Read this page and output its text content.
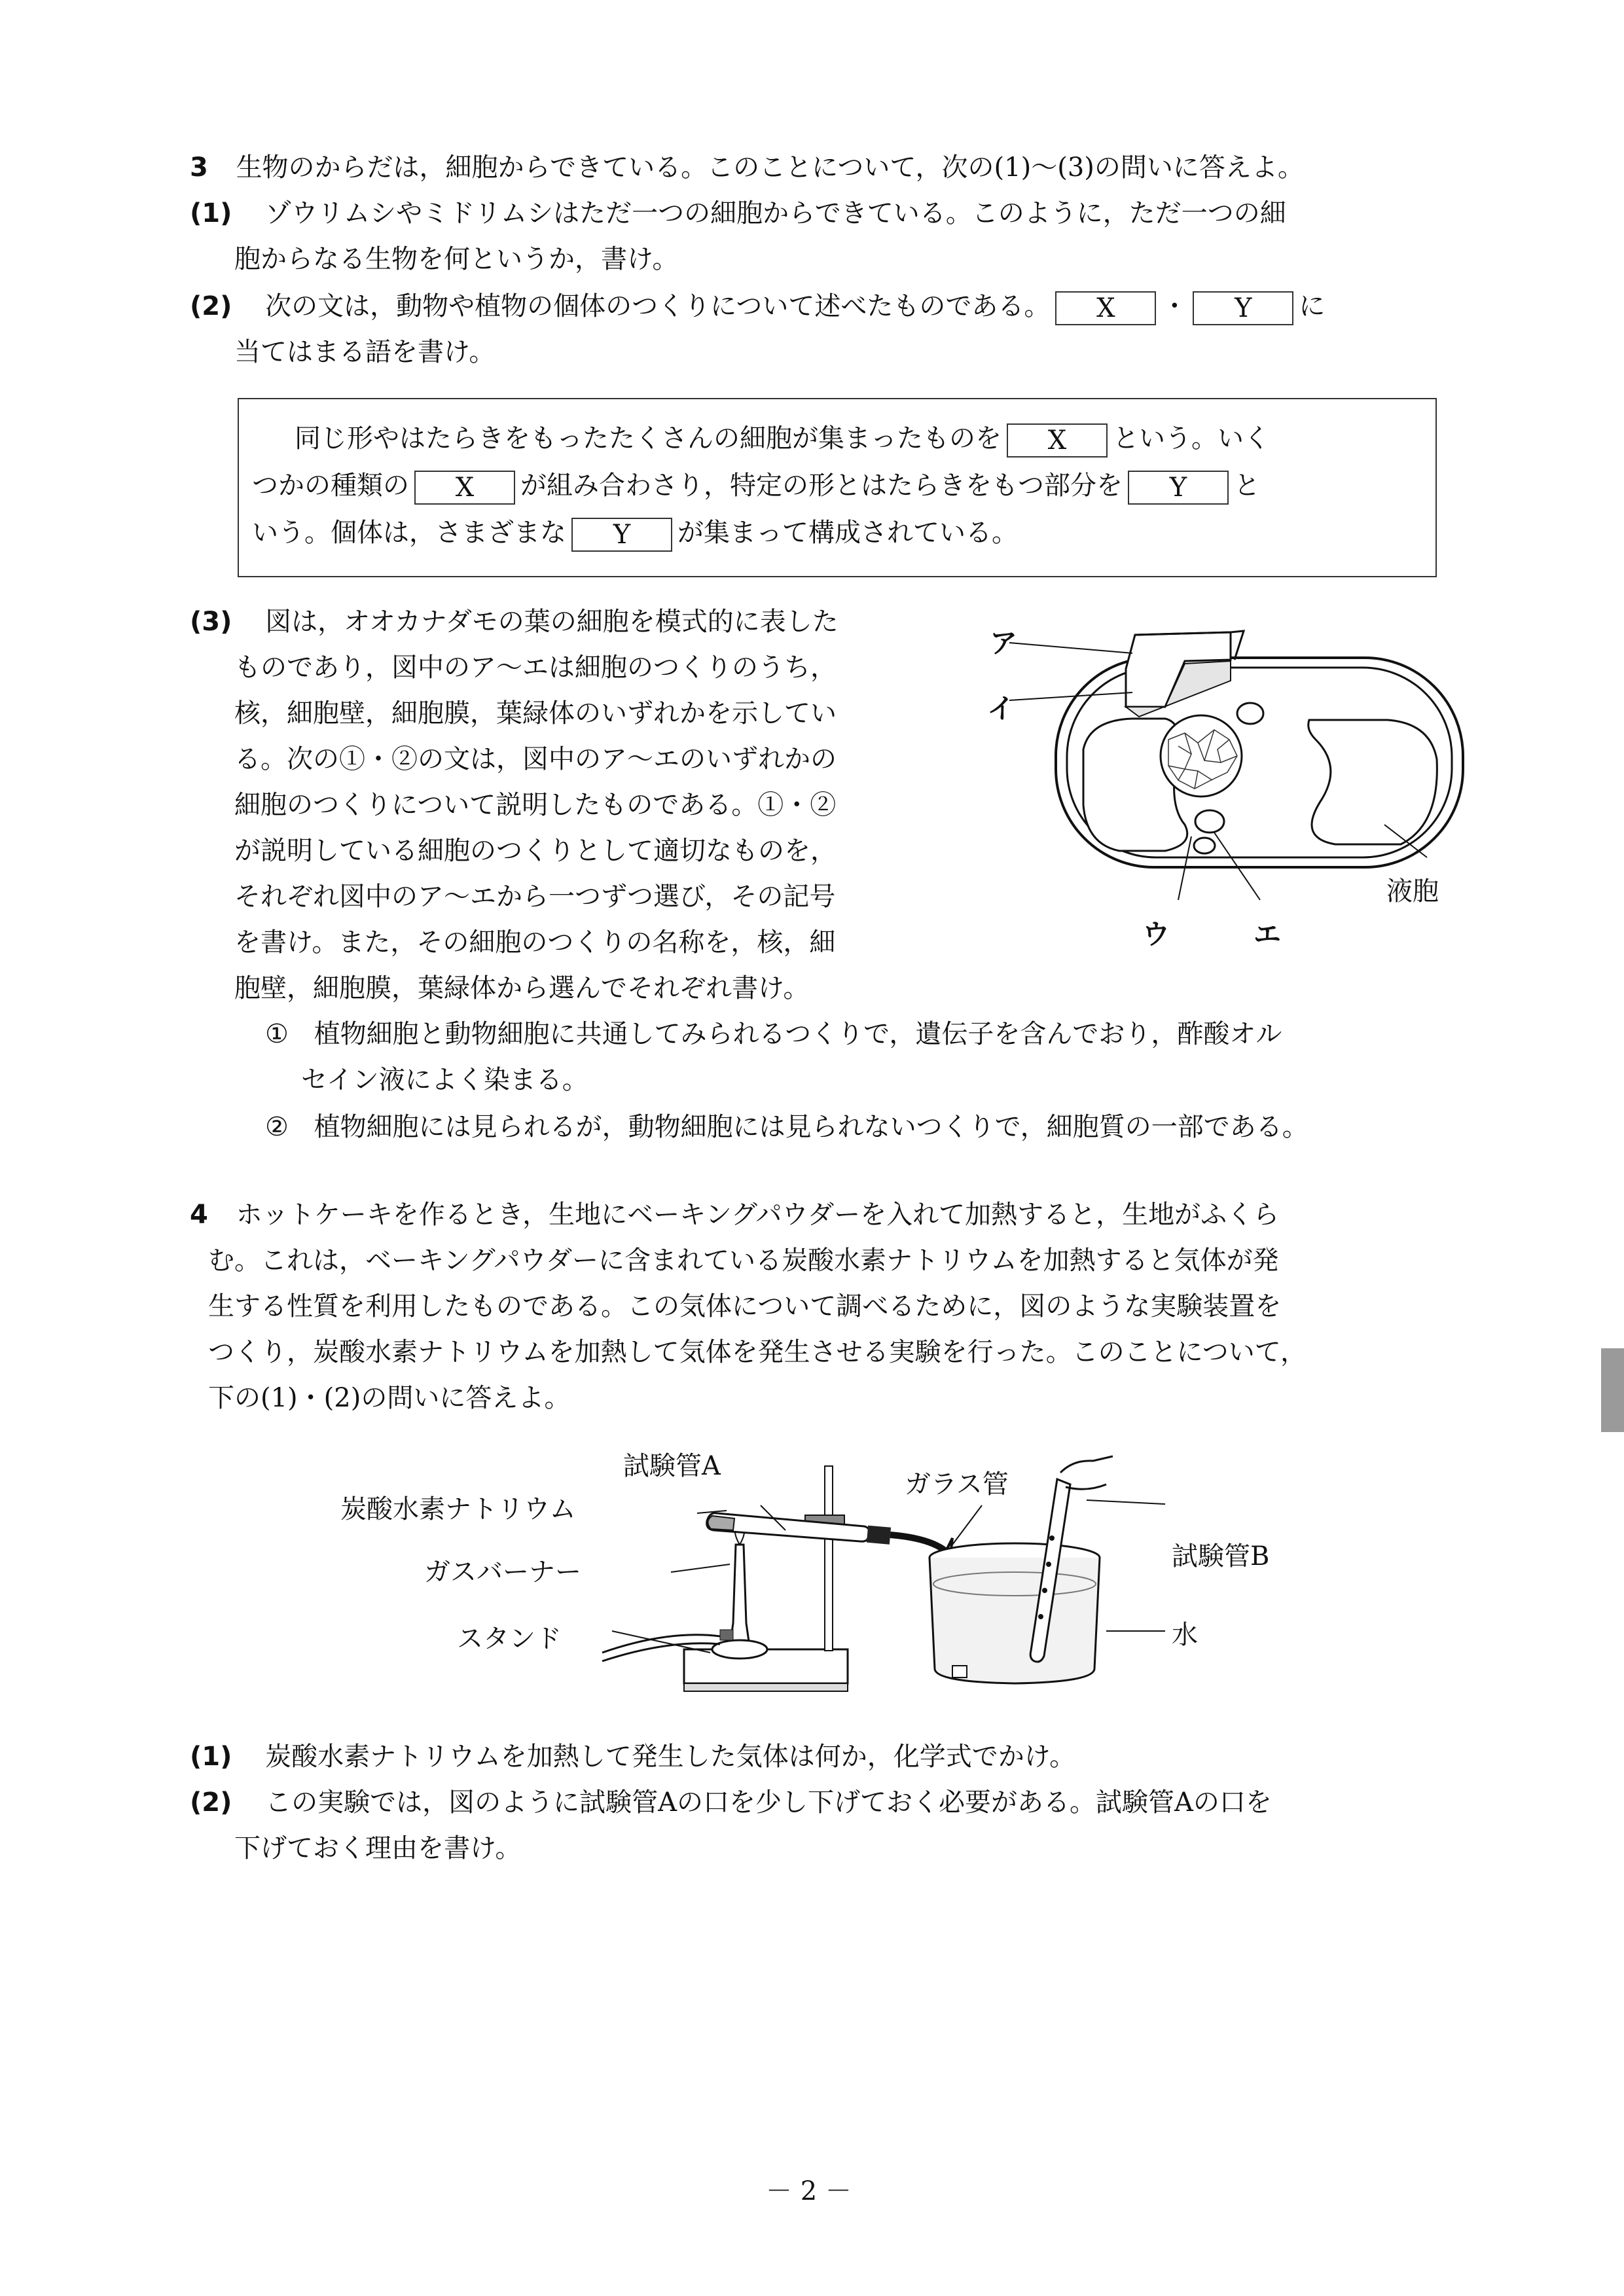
3 生物のからだは，細胞からできている。このことについて，次の(1)～(3)の問いに答えよ。
(1) ゾウリムシやミドリムシはただ一つの細胞からできている。このように，ただ一つの細
胞からなる生物を何というか，書け。
(2) 次の文は，動物や植物の個体のつくりについて述べたものである。 X ・ Y に
当てはまる語を書け。
同じ形やはたらきをもったたくさんの細胞が集まったものを X という。いく
つかの種類の X が組み合わさり，特定の形とはたらきをもつ部分を Y と
いう。個体は，さまざまな Y が集まって構成されている。
(3) 図は，オオカナダモの葉の細胞を模式的に表した
ものであり，図中のア～エは細胞のつくりのうち，
核，細胞壁，細胞膜，葉緑体のいずれかを示してい
る。次の①・②の文は，図中のア～エのいずれかの
細胞のつくりについて説明したものである。①・②
が説明している細胞のつくりとして適切なものを，
それぞれ図中のア～エから一つずつ選び，その記号
を書け。また，その細胞のつくりの名称を，核，細
胞壁，細胞膜，葉緑体から選んでそれぞれ書け。
① 植物細胞と動物細胞に共通してみられるつくりで，遺伝子を含んでおり，酢酸オル
セイン液によく染まる。
② 植物細胞には見られるが，動物細胞には見られないつくりで，細胞質の一部である。
ア
イ
ウ	エ
液胞
4 ホットケーキを作るとき，生地にベーキングパウダーを入れて加熱すると，生地がふくら
む。これは，ベーキングパウダーに含まれている炭酸水素ナトリウムを加熱すると気体が発
生する性質を利用したものである。この気体について調べるために，図のような実験装置を
つくり，炭酸水素ナトリウムを加熱して気体を発生させる実験を行った。このことについて，
下の(1)・(2)の問いに答えよ。
試験管A
炭酸水素ナトリウム
ガスバーナー
スタンド
ガラス管
試験管B
水
(1) 炭酸水素ナトリウムを加熱して発生した気体は何か，化学式でかけ。
(2) この実験では，図のように試験管Aの口を少し下げておく必要がある。試験管Aの口を
下げておく理由を書け。
－ 2 －
